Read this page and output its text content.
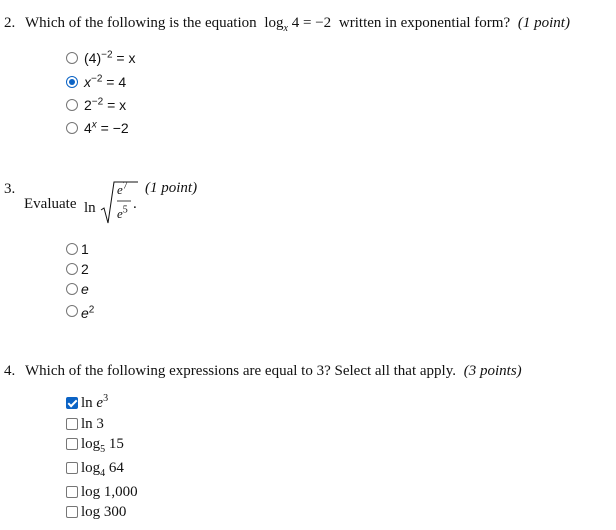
2. Which of the following is the equation $\log_x 4 = -2$ written in exponential form? (1 point)
$(4)^{-2} = x$
$x^{-2} = 4$
$2^{-2} = x$
$4^x = -2$
3.
Evaluate ln
$e^7$
$e^5$ .
(1 point)
1
2
e
$e^2$
4. Which of the following expressions are equal to 3? Select all that apply. (3 points)
$\ln e^3$
ln 3
$\log_5 15$
$\log_4 64$
log 1,000
log 300
